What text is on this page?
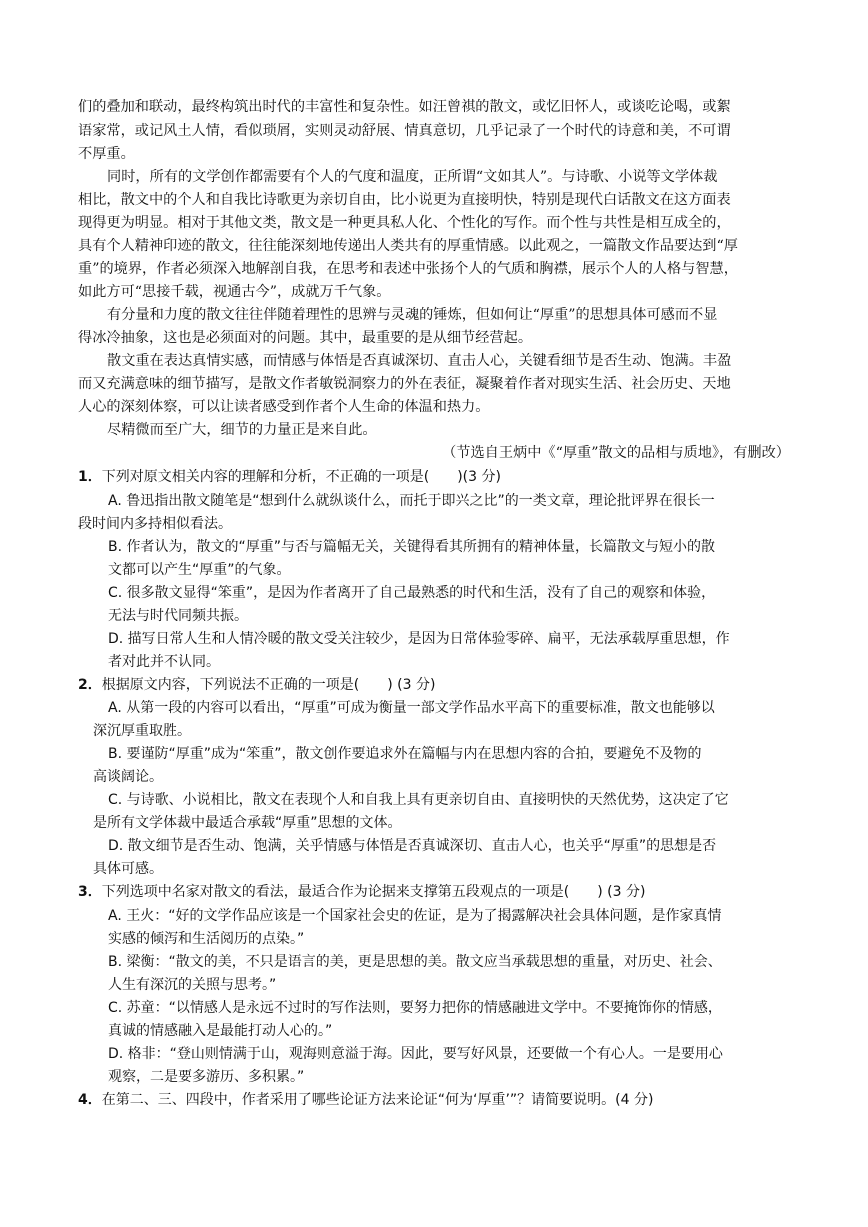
们的叠加和联动，最终构筑出时代的丰富性和复杂性。如汪曾祺的散文，或忆旧怀人，或谈吃论喝，或絮
语家常，或记风土人情，看似琐屑，实则灵动舒展、情真意切，几乎记录了一个时代的诗意和美，不可谓
不厚重。
同时，所有的文学创作都需要有个人的气度和温度，正所谓“文如其人”。与诗歌、小说等文学体裁
相比，散文中的个人和自我比诗歌更为亲切自由，比小说更为直接明快，特别是现代白话散文在这方面表
现得更为明显。相对于其他文类，散文是一种更具私人化、个性化的写作。而个性与共性是相互成全的，
具有个人精神印迹的散文，往往能深刻地传递出人类共有的厚重情感。以此观之，一篇散文作品要达到“厚
重”的境界，作者必须深入地解剖自我，在思考和表述中张扬个人的气质和胸襟，展示个人的人格与智慧，
如此方可“思接千载，视通古今”，成就万千气象。
有分量和力度的散文往往伴随着理性的思辨与灵魂的锤炼，但如何让“厚重”的思想具体可感而不显
得冰冷抽象，这也是必须面对的问题。其中，最重要的是从细节经营起。
散文重在表达真情实感，而情感与体悟是否真诚深切、直击人心，关键看细节是否生动、饱满。丰盈
而又充满意味的细节描写，是散文作者敏锐洞察力的外在表征，凝聚着作者对现实生活、社会历史、天地
人心的深刻体察，可以让读者感受到作者个人生命的体温和热力。
尽精微而至广大，细节的力量正是来自此。
（节选自王炳中《“厚重”散文的品相与质地》，有删改）
1．下列对原文相关内容的理解和分析，不正确的一项是(　　)(3 分)
A. 鲁迅指出散文随笔是“想到什么就纵谈什么，而托于即兴之比”的一类文章，理论批评界在很长一
段时间内多持相似看法。
B. 作者认为，散文的“厚重”与否与篇幅无关，关键得看其所拥有的精神体量，长篇散文与短小的散
文都可以产生“厚重”的气象。
C. 很多散文显得“笨重”，是因为作者离开了自己最熟悉的时代和生活，没有了自己的观察和体验，
无法与时代同频共振。
D. 描写日常人生和人情冷暖的散文受关注较少，是因为日常体验零碎、扁平，无法承载厚重思想，作
者对此并不认同。
2．根据原文内容，下列说法不正确的一项是(　　) (3 分)
A. 从第一段的内容可以看出，“厚重”可成为衡量一部文学作品水平高下的重要标准，散文也能够以
深沉厚重取胜。
B. 要谨防“厚重”成为“笨重”，散文创作要追求外在篇幅与内在思想内容的合拍，要避免不及物的
高谈阔论。
C. 与诗歌、小说相比，散文在表现个人和自我上具有更亲切自由、直接明快的天然优势，这决定了它
是所有文学体裁中最适合承载“厚重”思想的文体。
D. 散文细节是否生动、饱满，关乎情感与体悟是否真诚深切、直击人心，也关乎“厚重”的思想是否
具体可感。
3．下列选项中名家对散文的看法，最适合作为论据来支撑第五段观点的一项是(　　) (3 分)
A. 王火：“好的文学作品应该是一个国家社会史的佐证，是为了揭露解决社会具体问题，是作家真情
实感的倾泻和生活阅历的点染。”
B. 梁衡：“散文的美，不只是语言的美，更是思想的美。散文应当承载思想的重量，对历史、社会、
人生有深沉的关照与思考。”
C. 苏童：“以情感人是永远不过时的写作法则，要努力把你的情感融进文学中。不要掩饰你的情感，
真诚的情感融入是最能打动人心的。”
D. 格非：“登山则情满于山，观海则意溢于海。因此，要写好风景，还要做一个有心人。一是要用心
观察，二是要多游历、多积累。”
4．在第二、三、四段中，作者采用了哪些论证方法来论证“何为‘厚重’”？请简要说明。(4 分)
